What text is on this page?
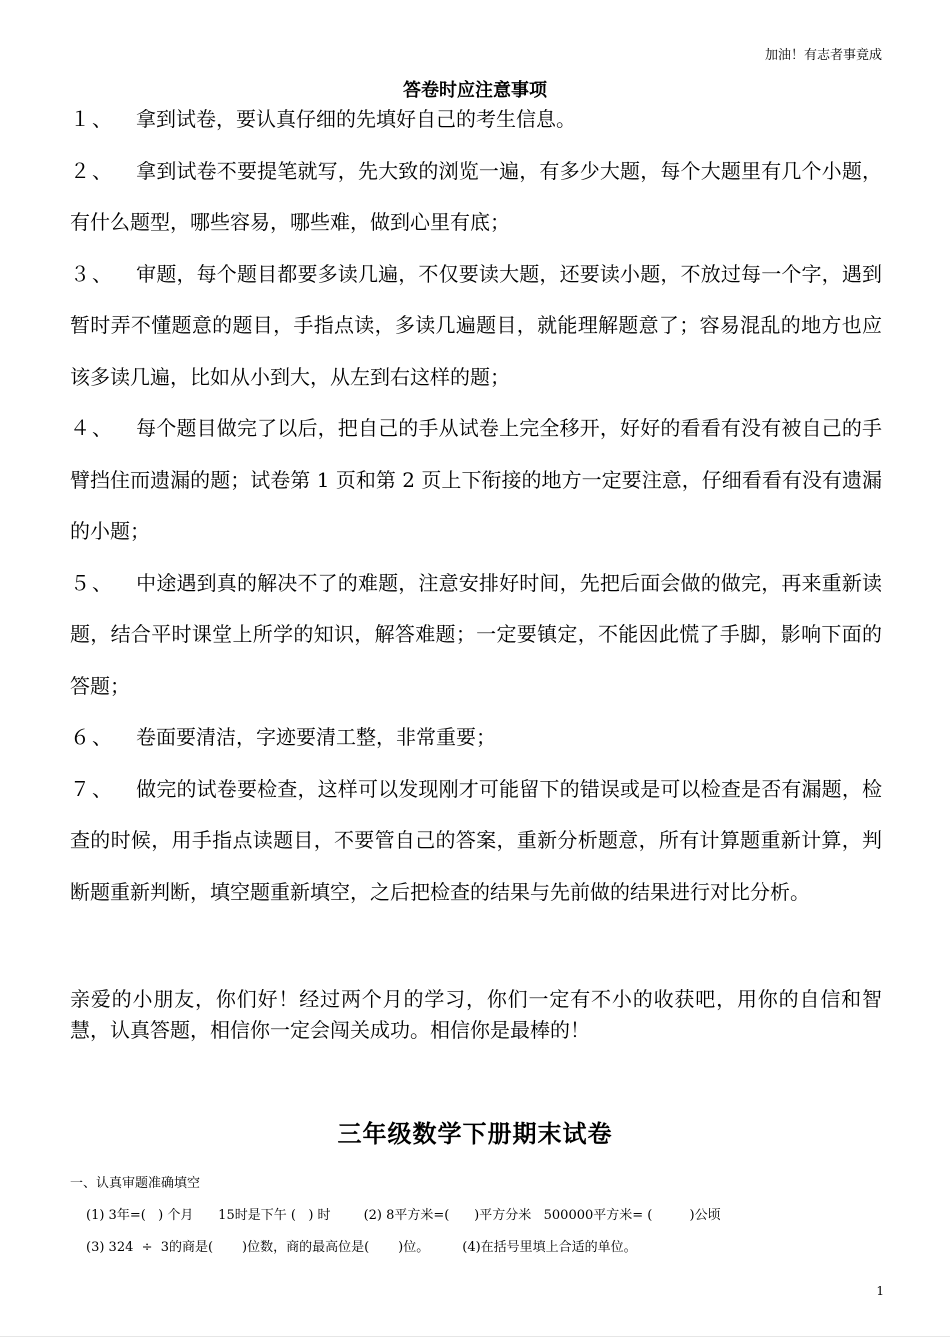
加油！有志者事竟成
答卷时应注意事项
１、 拿到试卷，要认真仔细的先填好自己的考生信息。
２、 拿到试卷不要提笔就写，先大致的浏览一遍，有多少大题，每个大题里有几个小题，有什么题型，哪些容易，哪些难，做到心里有底；
３、 审题，每个题目都要多读几遍，不仅要读大题，还要读小题，不放过每一个字，遇到暂时弄不懂题意的题目，手指点读，多读几遍题目，就能理解题意了；容易混乱的地方也应该多读几遍，比如从小到大，从左到右这样的题；
４、 每个题目做完了以后，把自己的手从试卷上完全移开，好好的看看有没有被自己的手臂挡住而遗漏的题；试卷第 1 页和第 2 页上下衔接的地方一定要注意，仔细看看有没有遗漏的小题；
５、 中途遇到真的解决不了的难题，注意安排好时间，先把后面会做的做完，再来重新读题，结合平时课堂上所学的知识，解答难题；一定要镇定，不能因此慌了手脚，影响下面的答题；
６、 卷面要清洁，字迹要清工整，非常重要；
７、 做完的试卷要检查，这样可以发现刚才可能留下的错误或是可以检查是否有漏题，检查的时候，用手指点读题目，不要管自己的答案，重新分析题意，所有计算题重新计算，判断题重新判断，填空题重新填空，之后把检查的结果与先前做的结果进行对比分析。
亲爱的小朋友，你们好！经过两个月的学习，你们一定有不小的收获吧，用你的自信和智慧，认真答题，相信你一定会闯关成功。相信你是最棒的！
三年级数学下册期末试卷
一、认真审题准确填空
(1) 3年=(   ) 个月      15时是下午 (   ) 时        (2) 8平方米=(      )平方分米   500000平方米= (         )公顷
(3) 324  ÷  3的商是(       )位数，商的最高位是(       )位。        (4)在括号里填上合适的单位。
1
